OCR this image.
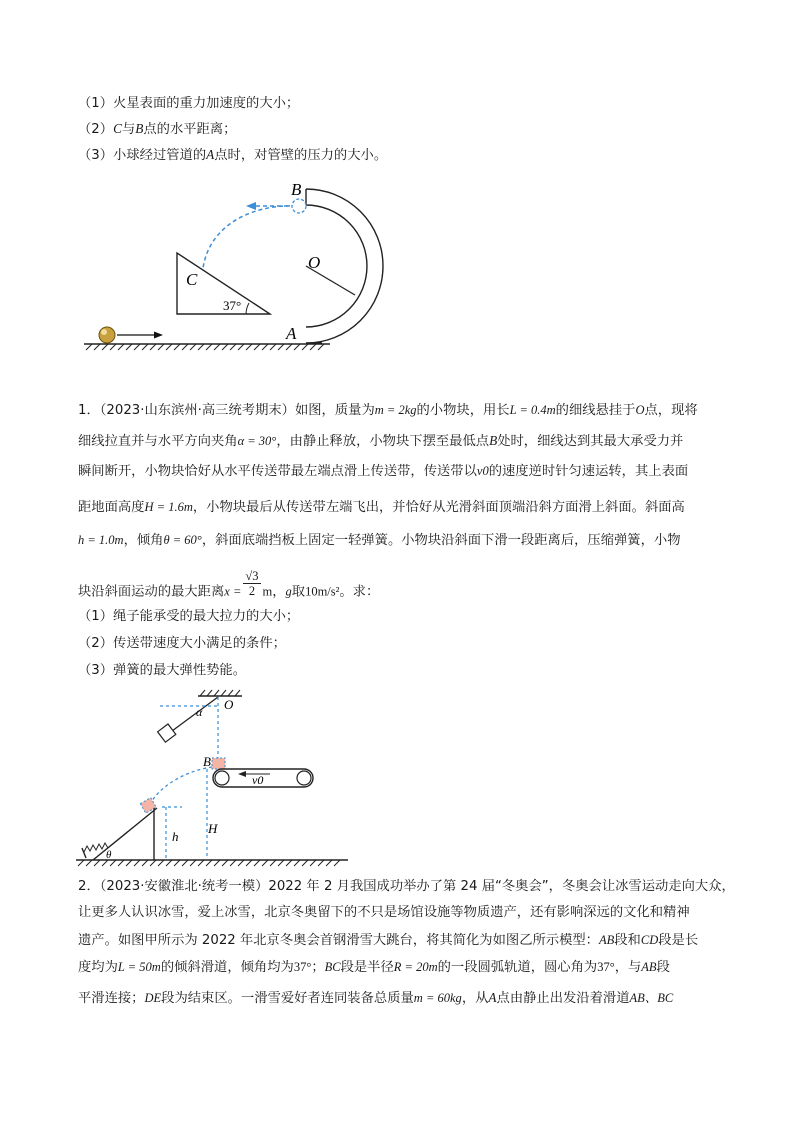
（1）火星表面的重力加速度的大小；
（2）C与B点的水平距离；
（3）小球经过管道的A点时，对管壁的压力的大小。
B
O
C
A
37°
1．（2023·山东滨州·高三统考期末）如图，质量为m = 2kg的小物块，用长L = 0.4m的细线悬挂于O点，现将
细线拉直并与水平方向夹角α = 30°，由静止释放，小物块下摆至最低点B处时，细线达到其最大承受力并
瞬间断开，小物块恰好从水平传送带最左端点滑上传送带，传送带以v0的速度逆时针匀速运转，其上表面
距地面高度H = 1.6m，小物块最后从传送带左端飞出，并恰好从光滑斜面顶端沿斜方面滑上斜面。斜面高
h = 1.0m，倾角θ = 60°，斜面底端挡板上固定一轻弹簧。小物块沿斜面下滑一段距离后，压缩弹簧，小物
块沿斜面运动的最大距离$x = \frac{√3}{2}$ m，g取10m/s²。求：
（1）绳子能承受的最大拉力的大小；
（2）传送带速度大小满足的条件；
（3）弹簧的最大弹性势能。
O
α
B
v0
h
H
θ
2．（2023·安徽淮北·统考一模）2022 年 2 月我国成功举办了第 24 届“冬奥会”，冬奥会让冰雪运动走向大众，
让更多人认识冰雪，爱上冰雪，北京冬奥留下的不只是场馆设施等物质遗产，还有影响深远的文化和精神
遗产。如图甲所示为 2022 年北京冬奥会首钢滑雪大跳台，将其简化为如图乙所示模型：AB段和CD段是长
度均为L = 50m的倾斜滑道，倾角均为37°；BC段是半径R = 20m的一段圆弧轨道，圆心角为37°，与AB段
平滑连接；DE段为结束区。一滑雪爱好者连同装备总质量m = 60kg，从A点由静止出发沿着滑道AB、BC
